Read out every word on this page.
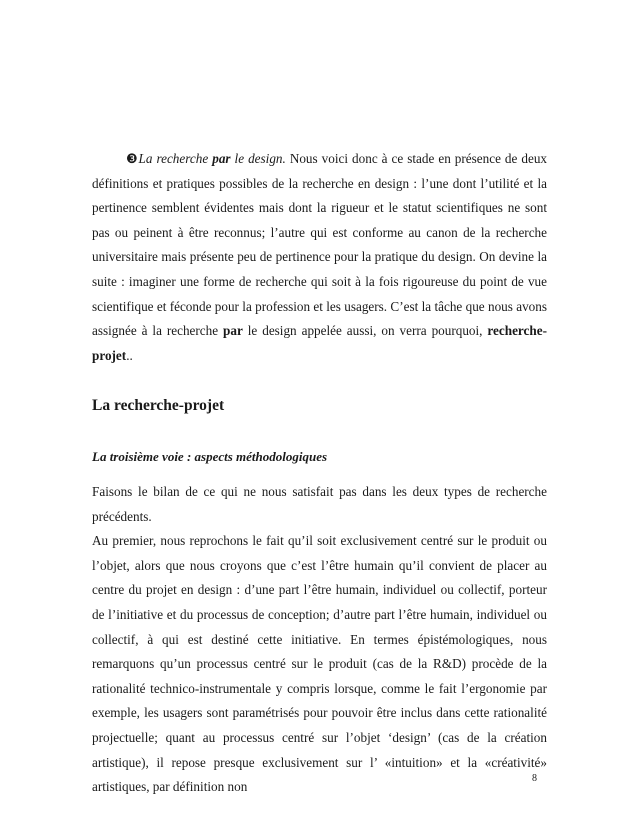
❸La recherche par le design. Nous voici donc à ce stade en présence de deux définitions et pratiques possibles de la recherche en design : l’une dont l’utilité et la pertinence semblent évidentes mais dont la rigueur et le statut scientifiques ne sont pas ou peinent à être reconnus; l’autre qui est conforme au canon de la recherche universitaire mais présente peu de pertinence pour la pratique du design. On devine la suite : imaginer une forme de recherche qui soit à la fois rigoureuse du point de vue scientifique et féconde pour la profession et les usagers. C’est la tâche que nous avons assignée à la recherche par le design appelée aussi, on verra pourquoi, recherche-projet..

La recherche-projet
La troisième voie : aspects méthodologiques
Faisons le bilan de ce qui ne nous satisfait pas dans les deux types de recherche précédents.
Au premier, nous reprochons le fait qu’il soit exclusivement centré sur le produit ou l’objet, alors que nous croyons que c’est l’être humain qu’il convient de placer au centre du projet en design : d’une part l’être humain, individuel ou collectif, porteur de l’initiative et du processus de conception; d’autre part l’être humain, individuel ou collectif, à qui est destiné cette initiative. En termes épistémologiques, nous remarquons qu’un processus centré sur le produit (cas de la R&D) procède de la rationalité technico-instrumentale y compris lorsque, comme le fait l’ergonomie par exemple, les usagers sont paramétrisés pour pouvoir être inclus dans cette rationalité projectuelle; quant au processus centré sur l’objet ‘design’ (cas de la création artistique), il repose presque exclusivement sur l’ «intuition» et la «créativité» artistiques, par définition non
8
